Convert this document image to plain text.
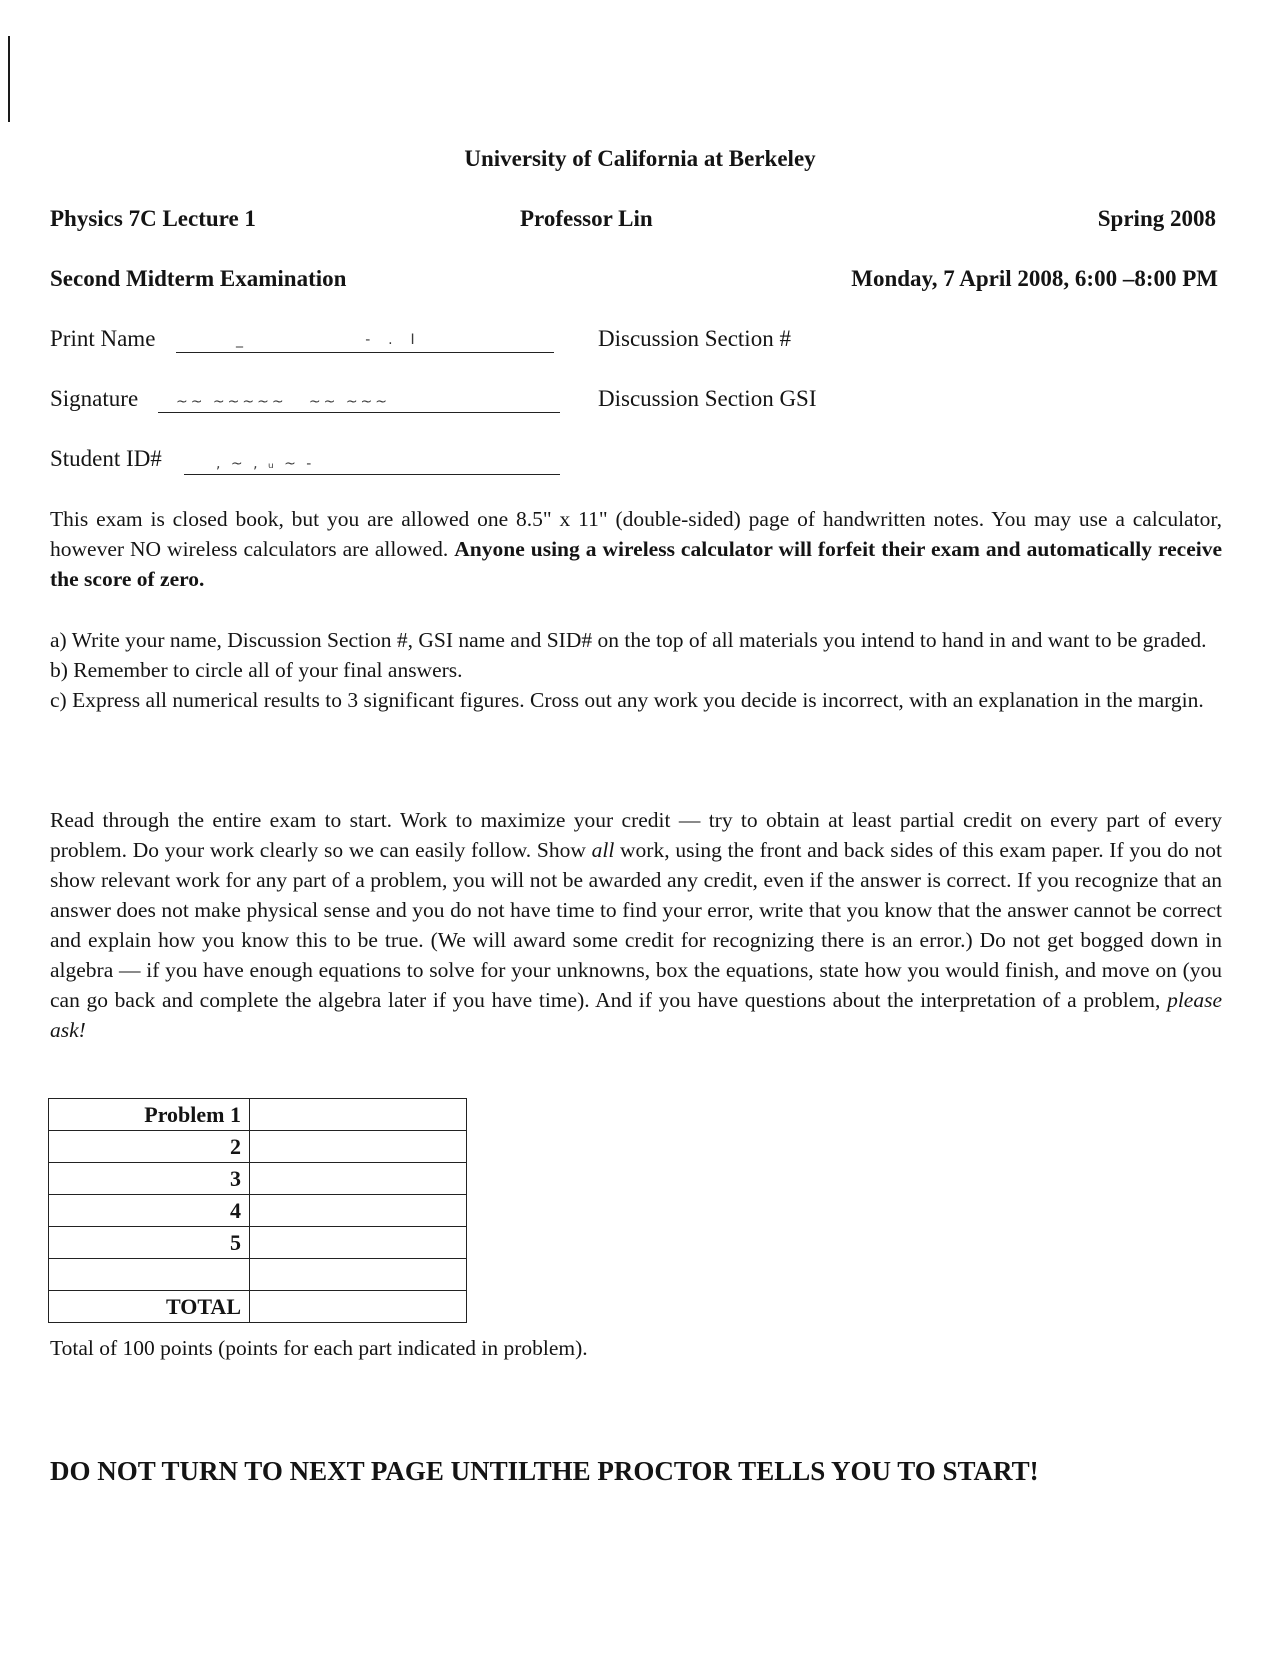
University of California at Berkeley
Physics 7C Lecture 1	Professor Lin	Spring 2008
Second Midterm Examination	Monday, 7 April 2008, 6:00 –8:00 PM
Print Name	_                -  .  I
Signature	~~ ~~~~~   ~~ ~~~
Student ID#	, ~ , ᵤ ~ -
Discussion Section #
Discussion Section GSI

This exam is closed book, but you are allowed one 8.5" x 11" (double-sided) page of handwritten notes. You may use a calculator, however NO wireless calculators are allowed. Anyone using a wireless calculator will forfeit their exam and automatically receive the score of zero.

a) Write your name, Discussion Section #, GSI name and SID# on the top of all materials you intend to hand in and want to be graded.

b) Remember to circle all of your final answers.

c) Express all numerical results to 3 significant figures. Cross out any work you decide is incorrect, with an explanation in the margin.

Read through the entire exam to start. Work to maximize your credit — try to obtain at least partial credit on every part of every problem. Do your work clearly so we can easily follow. Show all work, using the front and back sides of this exam paper. If you do not show relevant work for any part of a problem, you will not be awarded any credit, even if the answer is correct. If you recognize that an answer does not make physical sense and you do not have time to find your error, write that you know that the answer cannot be correct and explain how you know this to be true. (We will award some credit for recognizing there is an error.) Do not get bogged down in algebra — if you have enough equations to solve for your unknowns, box the equations, state how you would finish, and move on (you can go back and complete the algebra later if you have time). And if you have questions about the interpretation of a problem, please ask!

Problem 1	
2	
3	
4	
5	

TOTAL	
Total of 100 points (points for each part indicated in problem).
DO NOT TURN TO NEXT PAGE UNTILTHE PROCTOR TELLS YOU TO START!
